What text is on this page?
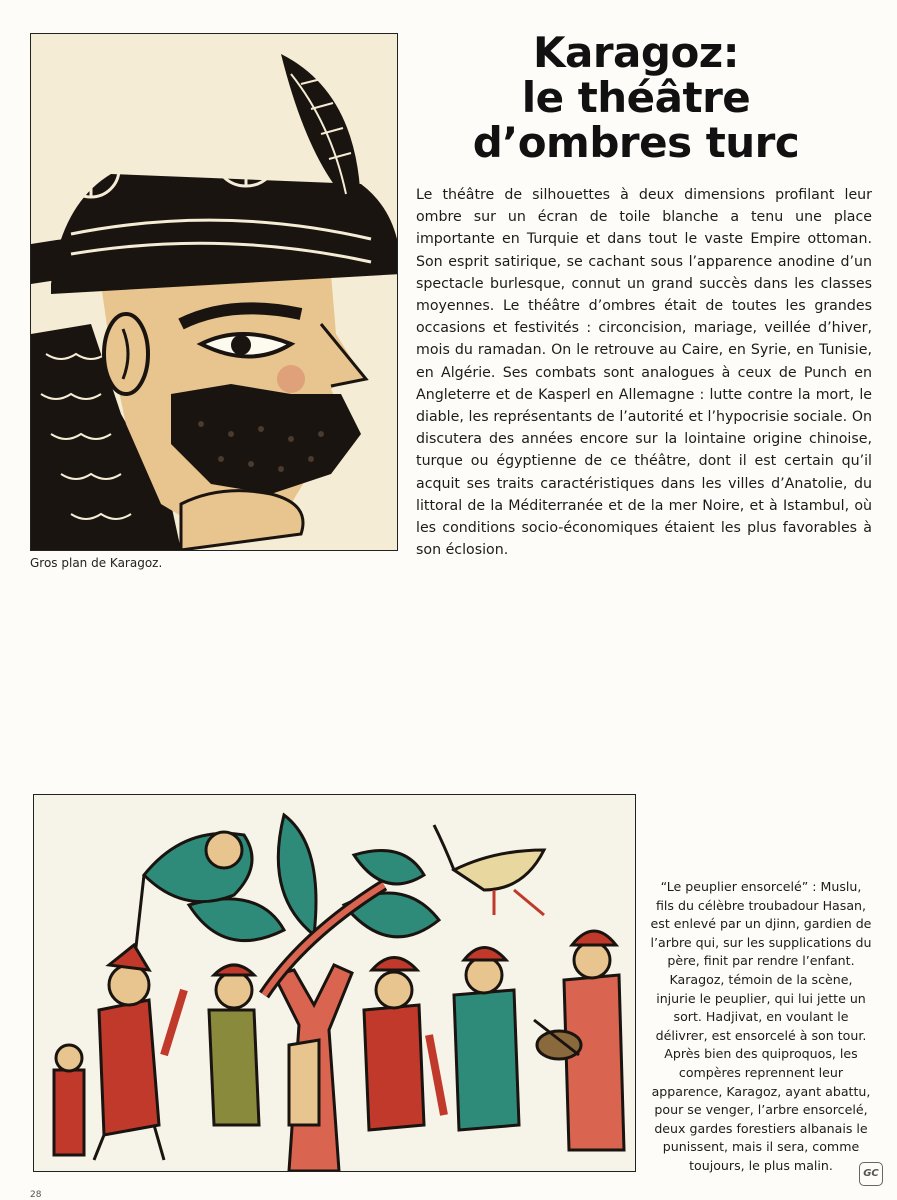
Gros plan de Karagoz.

Karagoz:
le théâtre
d’ombres turc

Le théâtre de silhouettes à deux dimensions profilant leur ombre sur un écran de toile blanche a tenu une place importante en Turquie et dans tout le vaste Empire ottoman. Son esprit satirique, se cachant sous l’apparence anodine d’un spectacle burlesque, connut un grand succès dans les classes moyennes. Le théâtre d’ombres était de toutes les grandes occasions et festivités : circoncision, mariage, veillée d’hiver, mois du ramadan. On le retrouve au Caire, en Syrie, en Tunisie, en Algérie. Ses combats sont analogues à ceux de Punch en Angleterre et de Kasperl en Allemagne : lutte contre la mort, le diable, les représentants de l’autorité et l’hypocrisie sociale. On discutera des années encore sur la lointaine origine chinoise, turque ou égyptienne de ce théâtre, dont il est certain qu’il acquit ses traits caractéristiques dans les villes d’Anatolie, du littoral de la Méditerranée et de la mer Noire, et à Istambul, où les conditions socio-économiques étaient les plus favorables à son éclosion.

“Le peuplier ensorcelé” : Muslu, fils du célèbre troubadour Hasan, est enlevé par un djinn, gardien de l’arbre qui, sur les supplications du père, finit par rendre l’enfant. Karagoz, témoin de la scène, injurie le peuplier, qui lui jette un sort. Hadjivat, en voulant le délivrer, est ensorcelé à son tour. Après bien des quiproquos, les compères reprennent leur apparence, Karagoz, ayant abattu, pour se venger, l’arbre ensorcelé, deux gardes forestiers albanais le punissent, mais il sera, comme toujours, le plus malin.

28
GC
